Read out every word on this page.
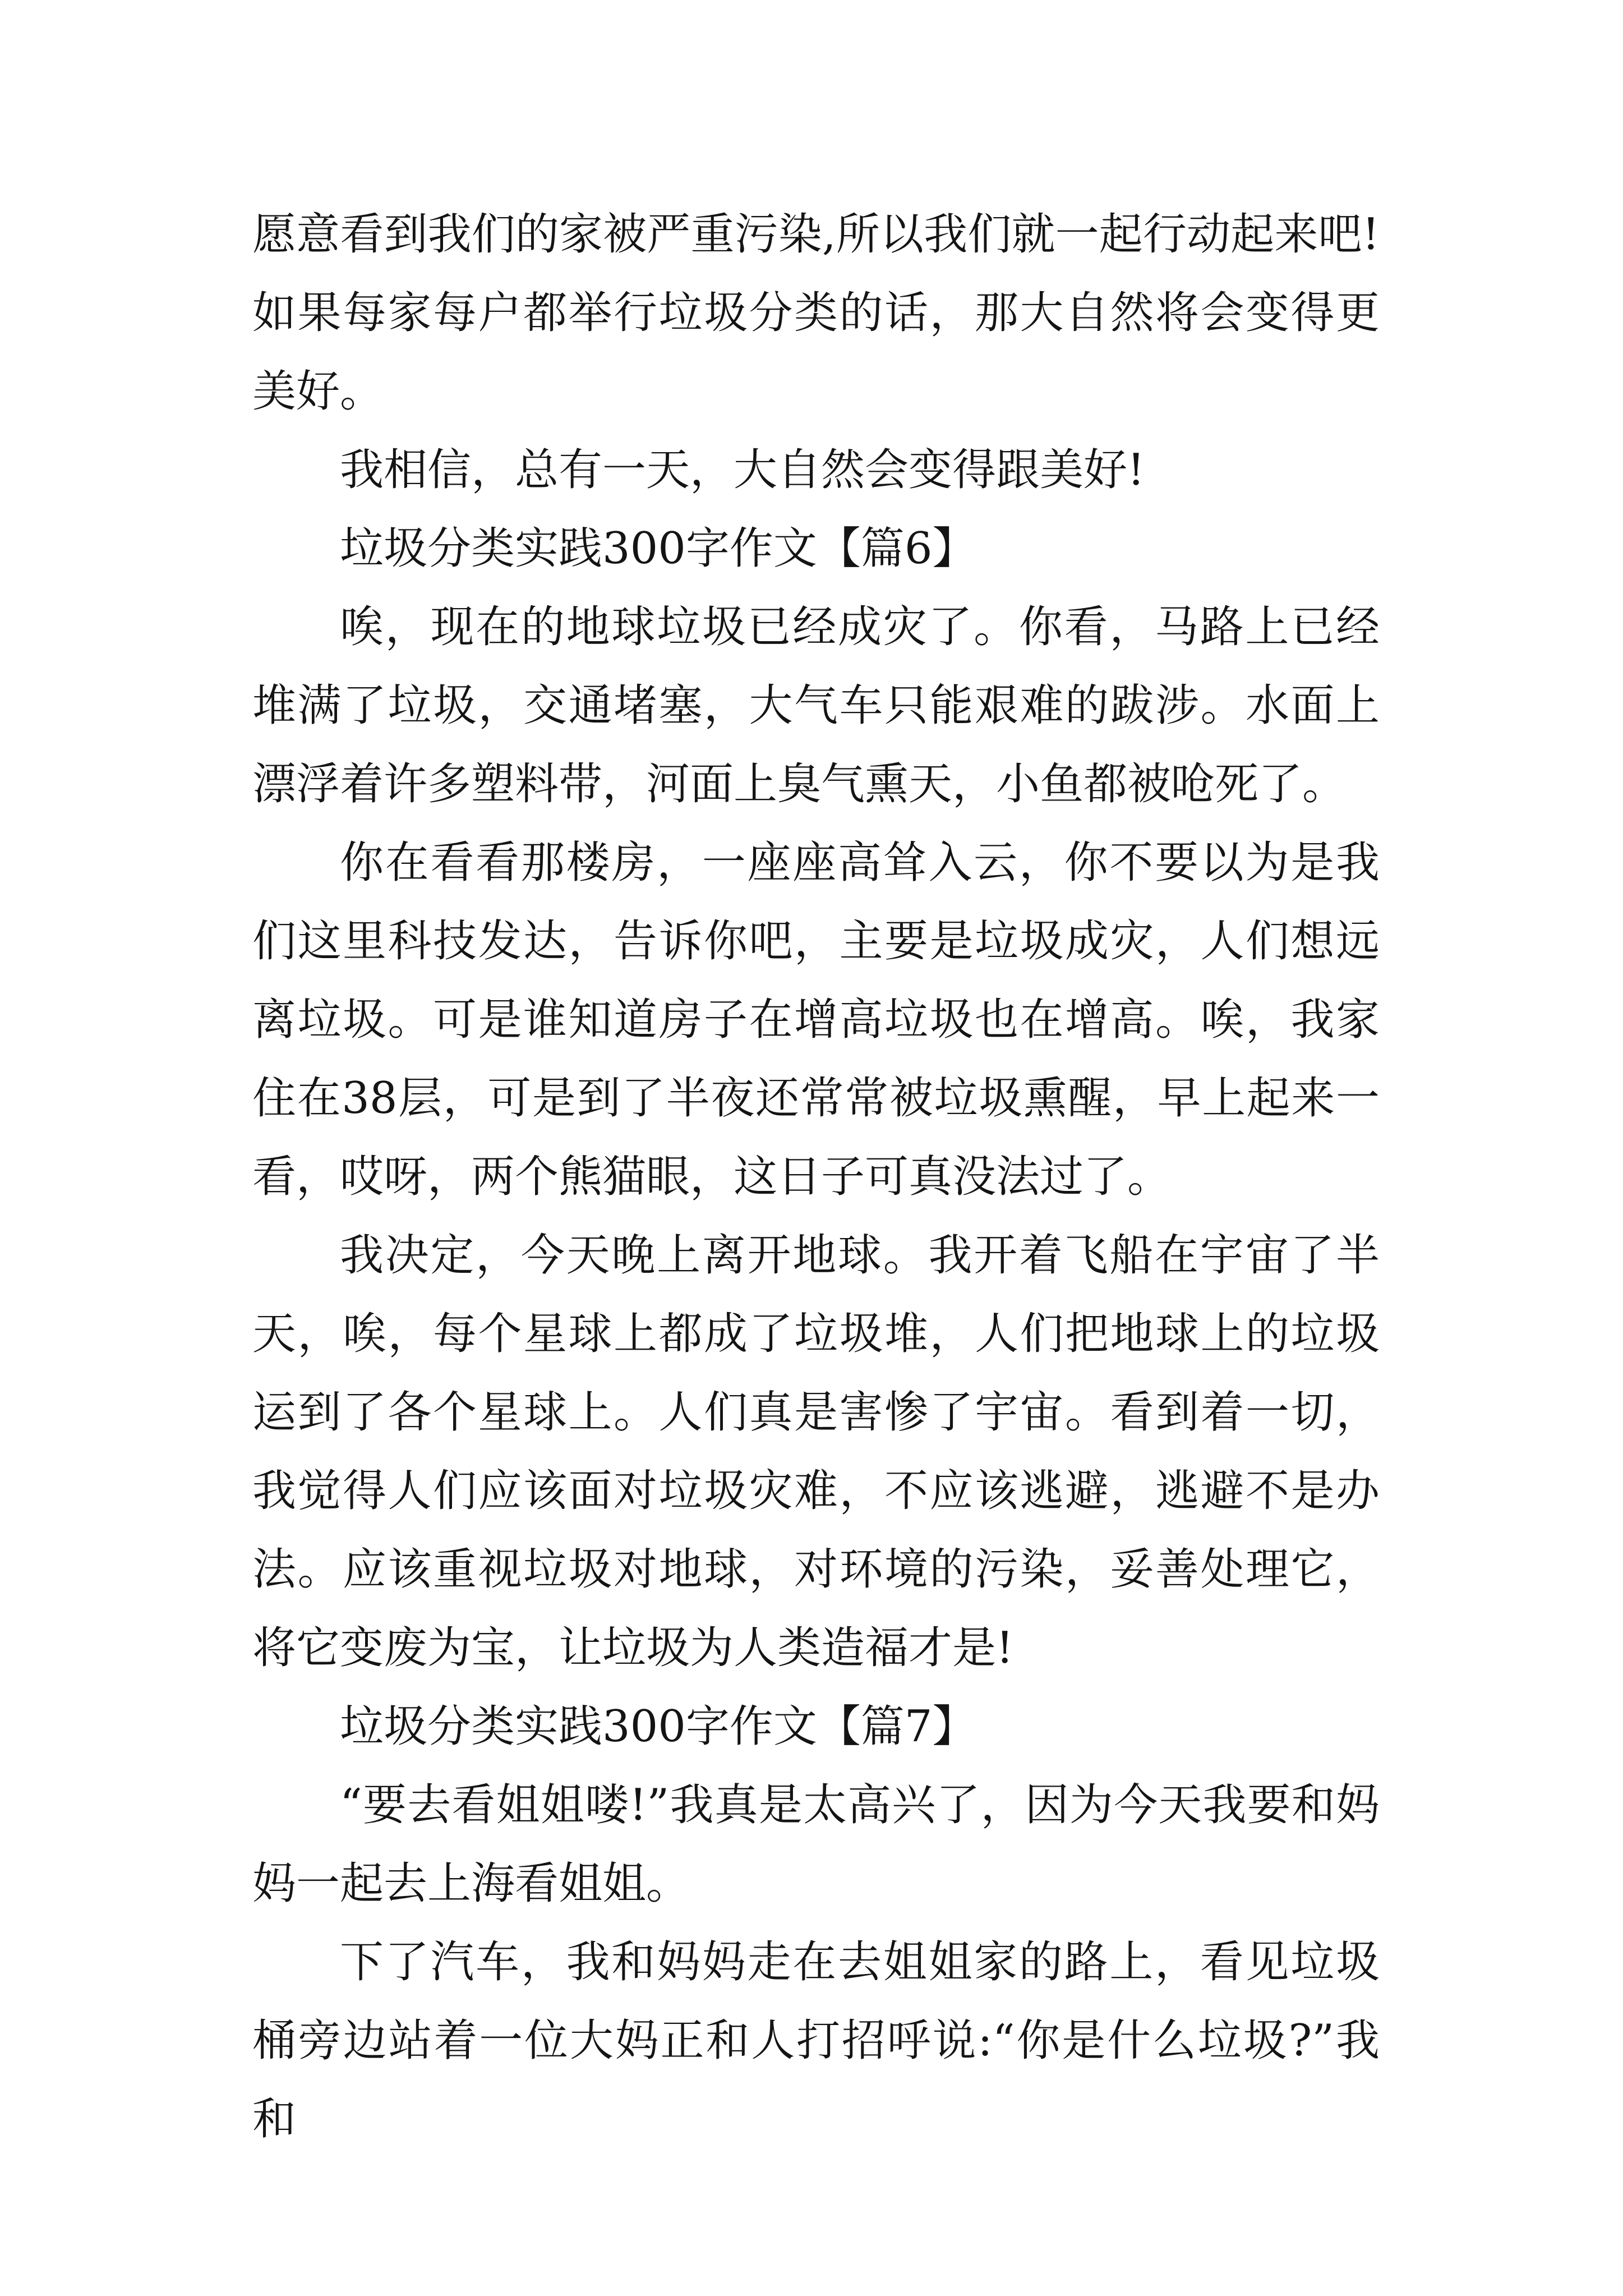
愿意看到我们的家被严重污染,所以我们就一起行动起来吧!如果每家每户都举行垃圾分类的话，那大自然将会变得更美好。

我相信，总有一天，大自然会变得跟美好!

垃圾分类实践300字作文【篇6】

唉，现在的地球垃圾已经成灾了。你看，马路上已经堆满了垃圾，交通堵塞，大气车只能艰难的跋涉。水面上漂浮着许多塑料带，河面上臭气熏天，小鱼都被呛死了。

你在看看那楼房，一座座高耸入云，你不要以为是我们这里科技发达，告诉你吧，主要是垃圾成灾，人们想远离垃圾。可是谁知道房子在增高垃圾也在增高。唉，我家住在38层，可是到了半夜还常常被垃圾熏醒，早上起来一看，哎呀，两个熊猫眼，这日子可真没法过了。

我决定，今天晚上离开地球。我开着飞船在宇宙了半天，唉，每个星球上都成了垃圾堆，人们把地球上的垃圾运到了各个星球上。人们真是害惨了宇宙。看到着一切，我觉得人们应该面对垃圾灾难，不应该逃避，逃避不是办法。应该重视垃圾对地球，对环境的污染，妥善处理它，将它变废为宝，让垃圾为人类造福才是!

垃圾分类实践300字作文【篇7】

“要去看姐姐喽!”我真是太高兴了，因为今天我要和妈妈一起去上海看姐姐。

下了汽车，我和妈妈走在去姐姐家的路上，看见垃圾桶旁边站着一位大妈正和人打招呼说:“你是什么垃圾?”我和
